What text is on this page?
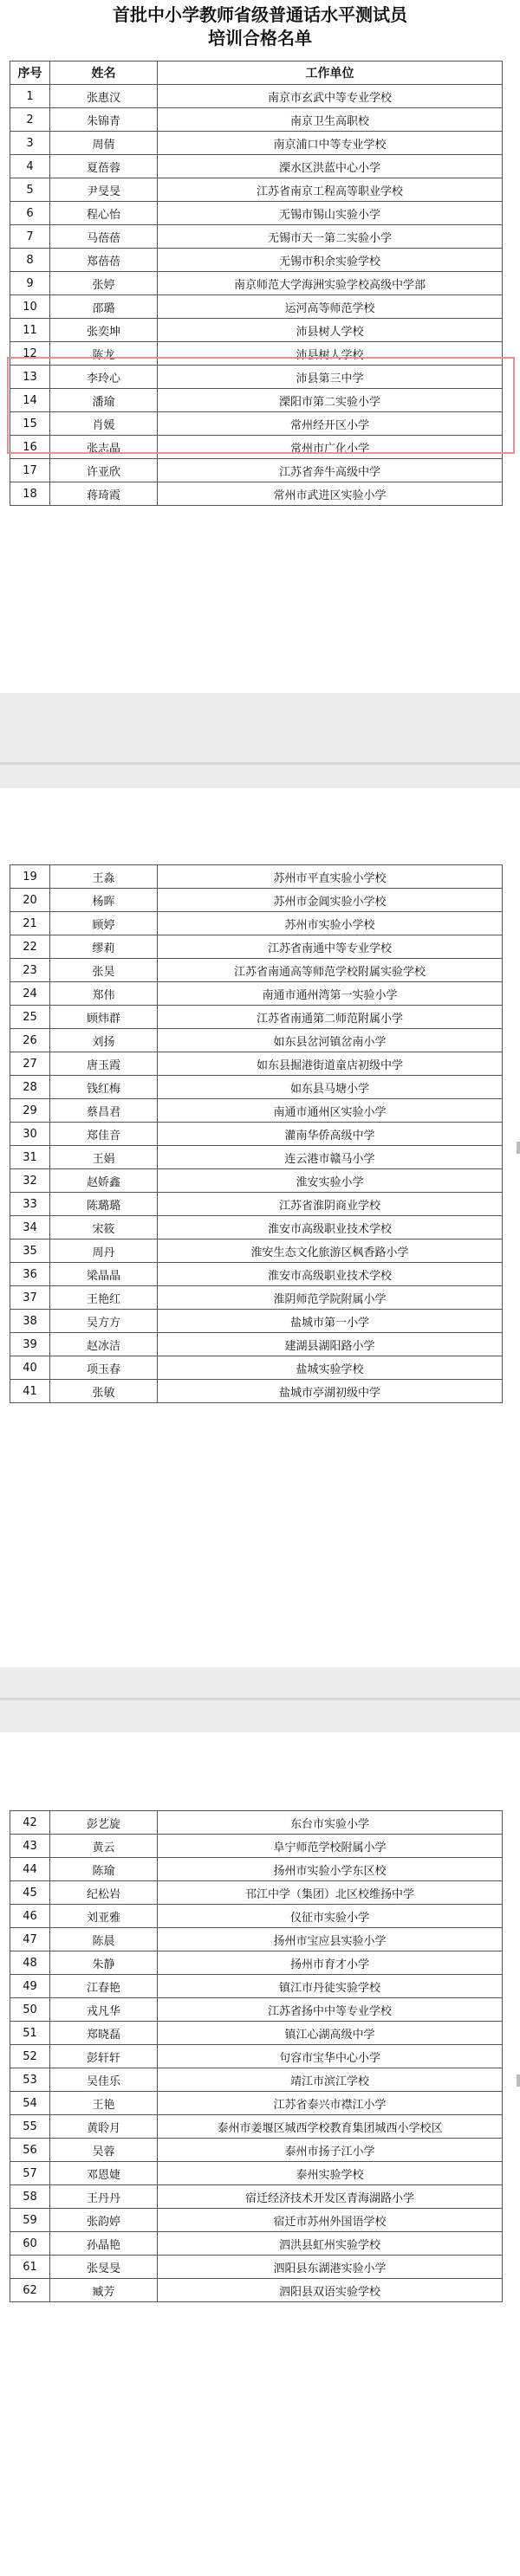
首批中小学教师省级普通话水平测试员
培训合格名单
序号	姓名	工作单位
1	张惠汉	南京市玄武中等专业学校
2	朱锦青	南京卫生高职校
3	周倩	南京浦口中等专业学校
4	夏蓓蓉	溧水区洪蓝中心小学
5	尹旻旻	江苏省南京工程高等职业学校
6	程心怡	无锡市锡山实验小学
7	马蓓蓓	无锡市天一第二实验小学
8	郑蓓蓓	无锡市积余实验学校
9	张婷	南京师范大学海洲实验学校高级中学部
10	邵璐	运河高等师范学校
11	张奕坤	沛县树人学校
12	陈龙	沛县树人学校
13	李玲心	沛县第三中学
14	潘瑜	溧阳市第二实验小学
15	肖媛	常州经开区小学
16	张志晶	常州市广化小学
17	许亚欣	江苏省奔牛高级中学
18	蒋琦霞	常州市武进区实验小学
19	王淼	苏州市平直实验小学校
20	杨晖	苏州市金阊实验小学校
21	顾婷	苏州市实验小学校
22	缪莉	江苏省南通中等专业学校
23	张昊	江苏省南通高等师范学校附属实验学校
24	郑伟	南通市通州湾第一实验小学
25	顾炜群	江苏省南通第二师范附属小学
26	刘扬	如东县岔河镇岔南小学
27	唐玉霞	如东县掘港街道童店初级中学
28	钱红梅	如东县马塘小学
29	蔡昌君	南通市通州区实验小学
30	郑佳音	灌南华侨高级中学
31	王娟	连云港市赣马小学
32	赵娇鑫	淮安实验小学
33	陈璐璐	江苏省淮阴商业学校
34	宋筱	淮安市高级职业技术学校
35	周丹	淮安生态文化旅游区枫香路小学
36	梁晶晶	淮安市高级职业技术学校
37	王艳红	淮阴师范学院附属小学
38	吴方方	盐城市第一小学
39	赵冰洁	建湖县湖阳路小学
40	项玉春	盐城实验学校
41	张敏	盐城市亭湖初级中学
42	彭艺旋	东台市实验小学
43	黄云	阜宁师范学校附属小学
44	陈瑜	扬州市实验小学东区校
45	纪松岩	邗江中学（集团）北区校维扬中学
46	刘亚雅	仪征市实验小学
47	陈晨	扬州市宝应县实验小学
48	朱静	扬州市育才小学
49	江春艳	镇江市丹徒实验学校
50	戎凡华	江苏省扬中中等专业学校
51	郑晓磊	镇江心湖高级中学
52	彭轩轩	句容市宝华中心小学
53	吴佳乐	靖江市滨江学校
54	王艳	江苏省泰兴市襟江小学
55	黄聆月	泰州市姜堰区城西学校教育集团城西小学校区
56	吴蓉	泰州市扬子江小学
57	邓恩婕	泰州实验学校
58	王丹丹	宿迁经济技术开发区青海湖路小学
59	张韵婷	宿迁市苏州外国语学校
60	孙晶艳	泗洪县虹州实验学校
61	张旻旻	泗阳县东湖港实验小学
62	臧芳	泗阳县双语实验学校
